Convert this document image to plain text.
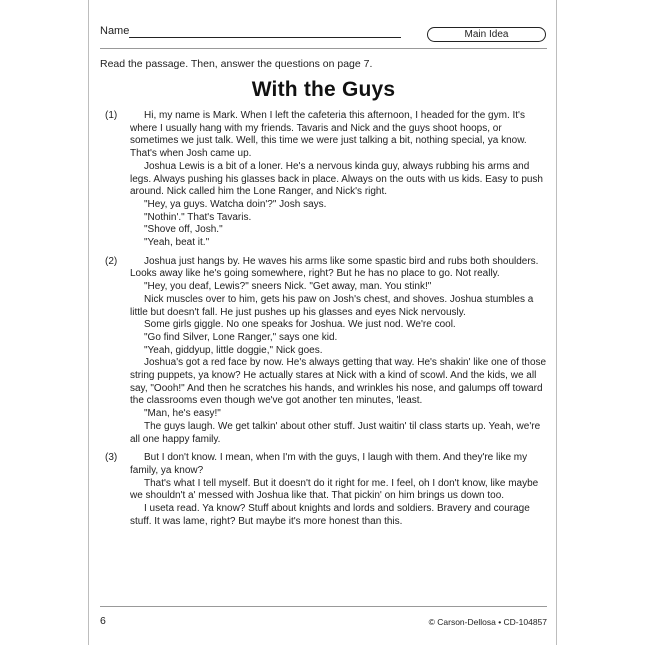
Name	Main Idea
Read the passage. Then, answer the questions on page 7.
With the Guys
(1)	Hi, my name is Mark. When I left the cafeteria this afternoon, I headed for the gym. It's where I usually hang with my friends. Tavaris and Nick and the guys shoot hoops, or sometimes we just talk. Well, this time we were just talking a bit, nothing special, ya know. That's when Josh came up.

Joshua Lewis is a bit of a loner. He's a nervous kinda guy, always rubbing his arms and legs. Always pushing his glasses back in place. Always on the outs with us kids. Easy to push around. Nick called him the Lone Ranger, and Nick's right.

"Hey, ya guys. Watcha doin'?" Josh says.

"Nothin'." That's Tavaris.

"Shove off, Josh."

"Yeah, beat it."

(2)	Joshua just hangs by. He waves his arms like some spastic bird and rubs both shoulders. Looks away like he's going somewhere, right? But he has no place to go. Not really.

"Hey, you deaf, Lewis?" sneers Nick. "Get away, man. You stink!"

Nick muscles over to him, gets his paw on Josh's chest, and shoves. Joshua stumbles a little but doesn't fall. He just pushes up his glasses and eyes Nick nervously.

Some girls giggle. No one speaks for Joshua. We just nod. We're cool.

"Go find Silver, Lone Ranger," says one kid.

"Yeah, giddyup, little doggie," Nick goes.

Joshua's got a red face by now. He's always getting that way. He's shakin' like one of those string puppets, ya know? He actually stares at Nick with a kind of scowl. And the kids, we all say, "Oooh!" And then he scratches his hands, and wrinkles his nose, and galumps off toward the classrooms even though we've got another ten minutes, 'least.

"Man, he's easy!"

The guys laugh. We get talkin' about other stuff. Just waitin' til class starts up. Yeah, we're all one happy family.

(3)	But I don't know. I mean, when I'm with the guys, I laugh with them. And they're like my family, ya know?

That's what I tell myself. But it doesn't do it right for me. I feel, oh I don't know, like maybe we shouldn't a' messed with Joshua like that. That pickin' on him brings us down too.

I useta read. Ya know? Stuff about knights and lords and soldiers. Bravery and courage stuff. It was lame, right? But maybe it's more honest than this.

6	© Carson-Dellosa • CD-104857
